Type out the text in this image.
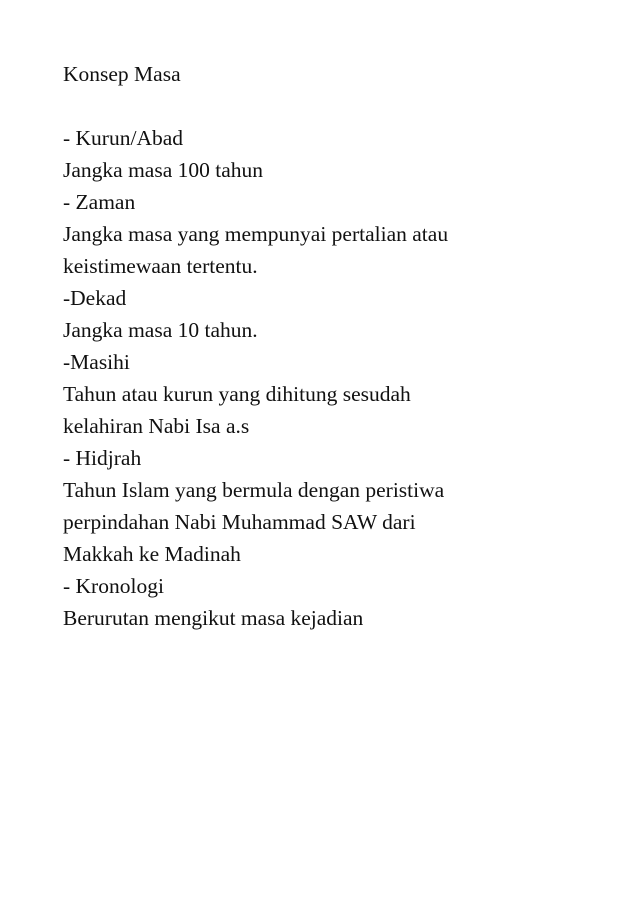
Konsep Masa
- Kurun/Abad
Jangka masa 100 tahun
- Zaman
Jangka masa yang mempunyai pertalian atau
keistimewaan tertentu.
-Dekad
Jangka masa 10 tahun.
-Masihi
Tahun atau kurun yang dihitung sesudah
kelahiran Nabi Isa a.s
- Hidjrah
Tahun Islam yang bermula dengan peristiwa
perpindahan Nabi Muhammad SAW dari
Makkah ke Madinah
- Kronologi
Berurutan mengikut masa kejadian
